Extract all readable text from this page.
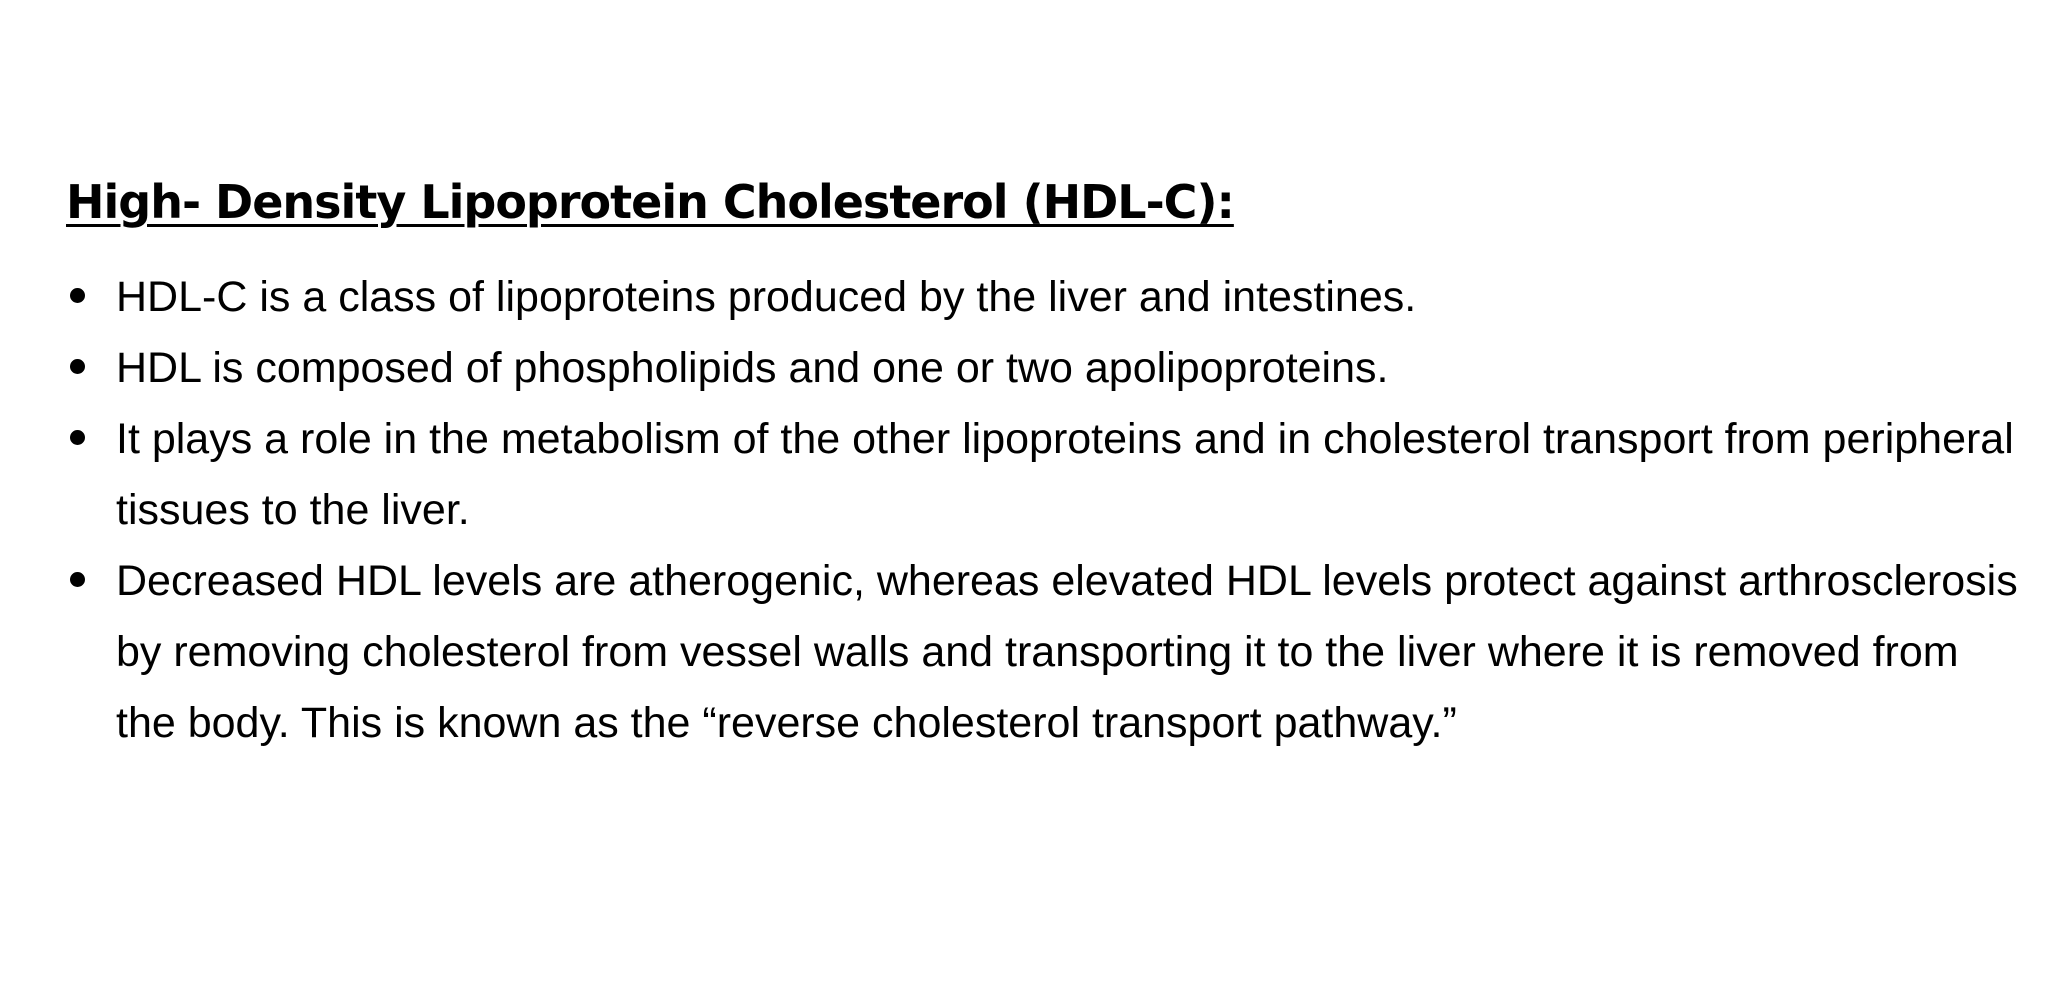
High- Density Lipoprotein Cholesterol (HDL-C):
HDL-C is a class of lipoproteins produced by the liver and intestines.
HDL is composed of phospholipids and one or two apolipoproteins.
It plays a role in the metabolism of the other lipoproteins and in cholesterol transport from peripheral tissues to the liver.
Decreased HDL levels are atherogenic, whereas elevated HDL levels protect against arthrosclerosis by removing cholesterol from vessel walls and transporting it to the liver where it is removed from the body. This is known as the “reverse cholesterol transport pathway.”
